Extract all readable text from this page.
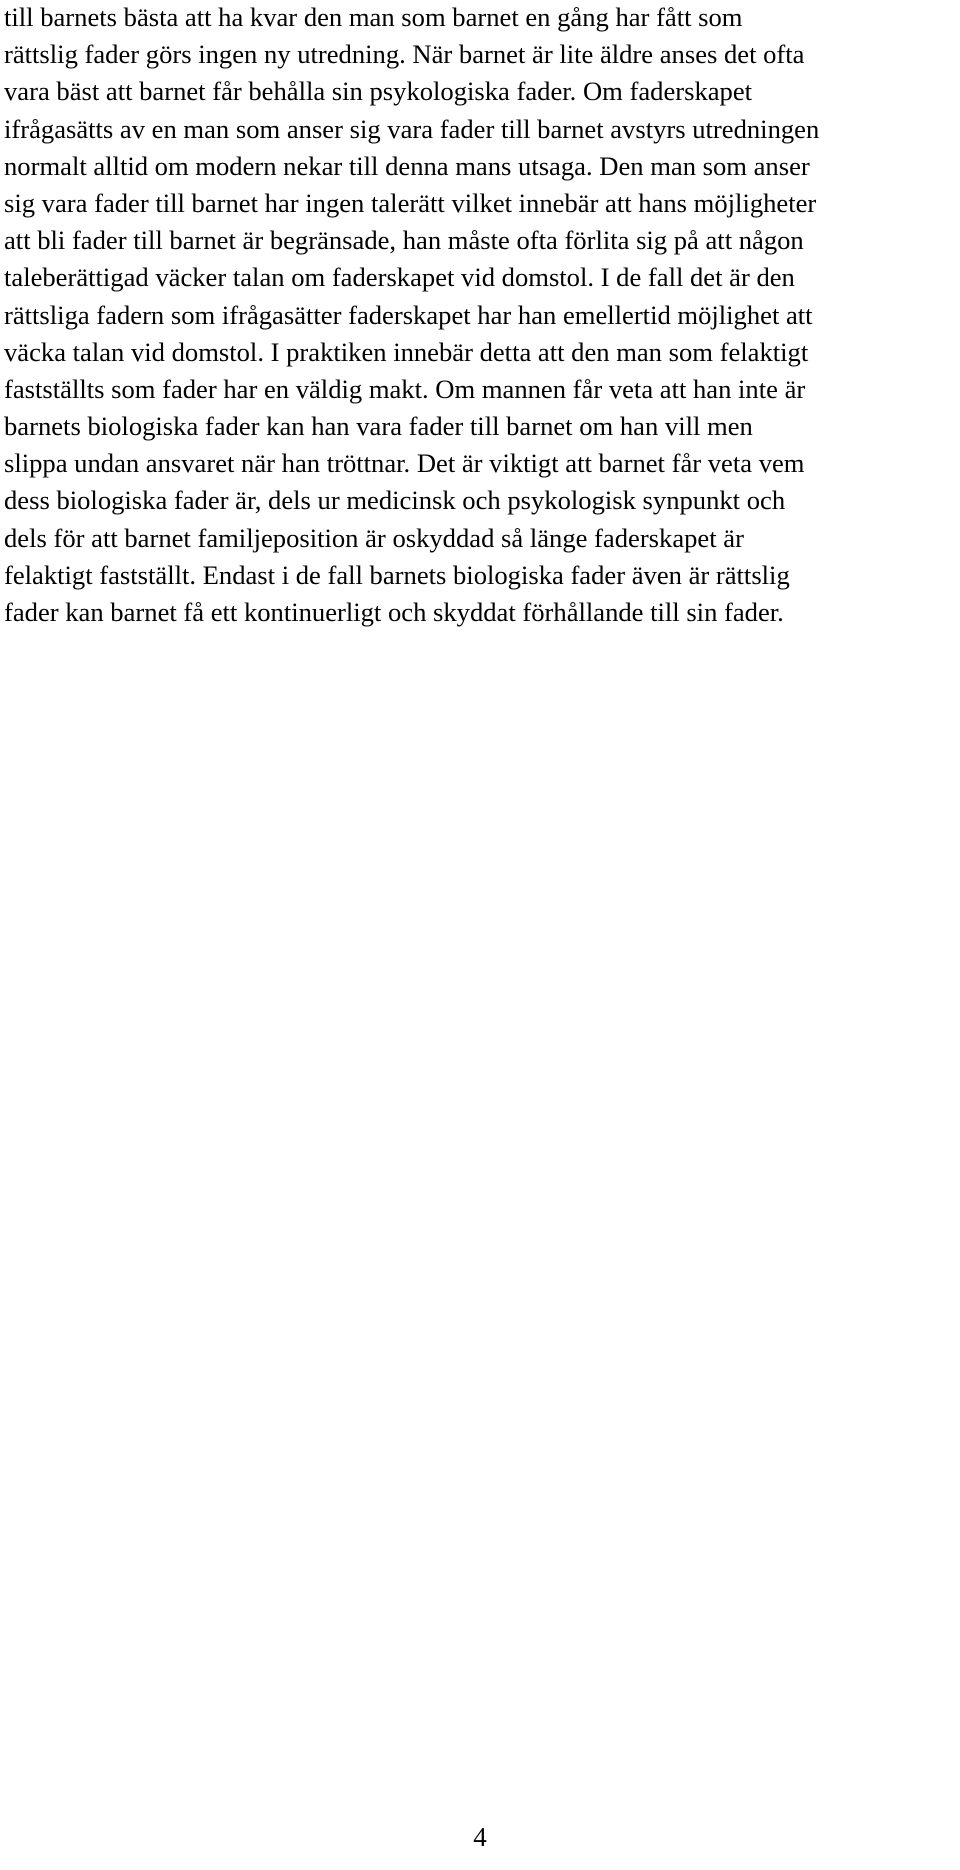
till barnets bästa att ha kvar den man som barnet en gång har fått som
rättslig fader görs ingen ny utredning. När barnet är lite äldre anses det ofta
vara bäst att barnet får behålla sin psykologiska fader. Om faderskapet
ifrågasätts av en man som anser sig vara fader till barnet avstyrs utredningen
normalt alltid om modern nekar till denna mans utsaga. Den man som anser
sig vara fader till barnet har ingen talerätt vilket innebär att hans möjligheter
att bli fader till barnet är begränsade, han måste ofta förlita sig på att någon
taleberättigad väcker talan om faderskapet vid domstol. I de fall det är den
rättsliga fadern som ifrågasätter faderskapet har han emellertid möjlighet att
väcka talan vid domstol. I praktiken innebär detta att den man som felaktigt
fastställts som fader har en väldig makt. Om mannen får veta att han inte är
barnets biologiska fader kan han vara fader till barnet om han vill men
slippa undan ansvaret när han tröttnar. Det är viktigt att barnet får veta vem
dess biologiska fader är, dels ur medicinsk och psykologisk synpunkt och
dels för att barnet familjeposition är oskyddad så länge faderskapet är
felaktigt fastställt. Endast i de fall barnets biologiska fader även är rättslig
fader kan barnet få ett kontinuerligt och skyddat förhållande till sin fader.
4
